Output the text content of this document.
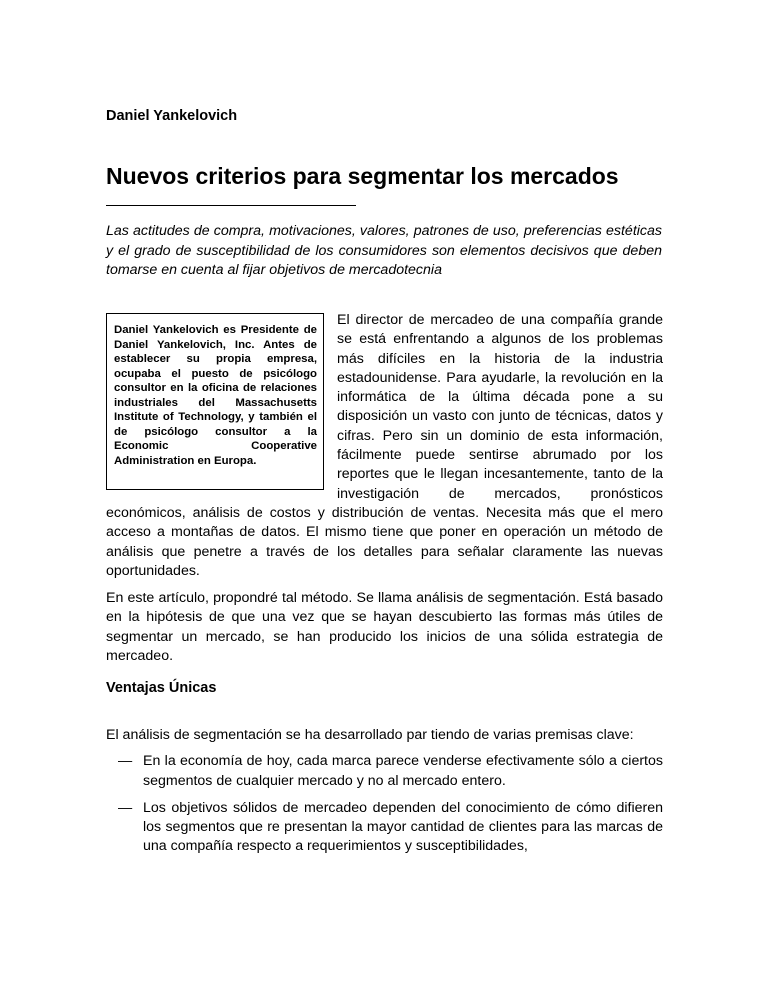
Daniel Yankelovich
Nuevos criterios para segmentar los mercados

Las actitudes de compra, motivaciones, valores, patrones de uso, preferencias estéticas y el grado de susceptibilidad de los consumidores son elementos decisivos que deben tomarse en cuenta al fijar objetivos de mercadotecnia

Daniel Yankelovich es Presidente de Daniel Yankelovich, Inc. Antes de establecer su propia empresa, ocupaba el puesto de psicólogo consultor en la oficina de relaciones industriales del Massachusetts Institute of Technology, y también el de psicólogo consultor a la Economic Cooperative Administration en Europa.

El director de mercadeo de una compañía grande se está enfrentando a algunos de los problemas más difíciles en la historia de la industria estadounidense. Para ayudarle, la revolución en la informática de la última década pone a su disposición un vasto con junto de técnicas, datos y cifras. Pero sin un dominio de esta información, fácilmente puede sentirse abrumado por los reportes que le llegan incesantemente, tanto de la investigación de mercados, pronósticos económicos, análisis de costos y distribución de ventas. Necesita más que el mero acceso a montañas de datos. El mismo tiene que poner en operación un método de análisis que penetre a través de los detalles para señalar claramente las nuevas oportunidades.

En este artículo, propondré tal método. Se llama análisis de segmentación. Está basado en la hipótesis de que una vez que se hayan descubierto las formas más útiles de segmentar un mercado, se han producido los inicios de una sólida estrategia de mercadeo.

Ventajas Únicas

El análisis de segmentación se ha desarrollado par tiendo de varias premisas clave:

— En la economía de hoy, cada marca parece venderse efectivamente sólo a ciertos segmentos de cualquier mercado y no al mercado entero.
— Los objetivos sólidos de mercadeo dependen del conocimiento de cómo difieren los segmentos que re presentan la mayor cantidad de clientes para las marcas de una compañía respecto a requerimientos y susceptibilidades,
